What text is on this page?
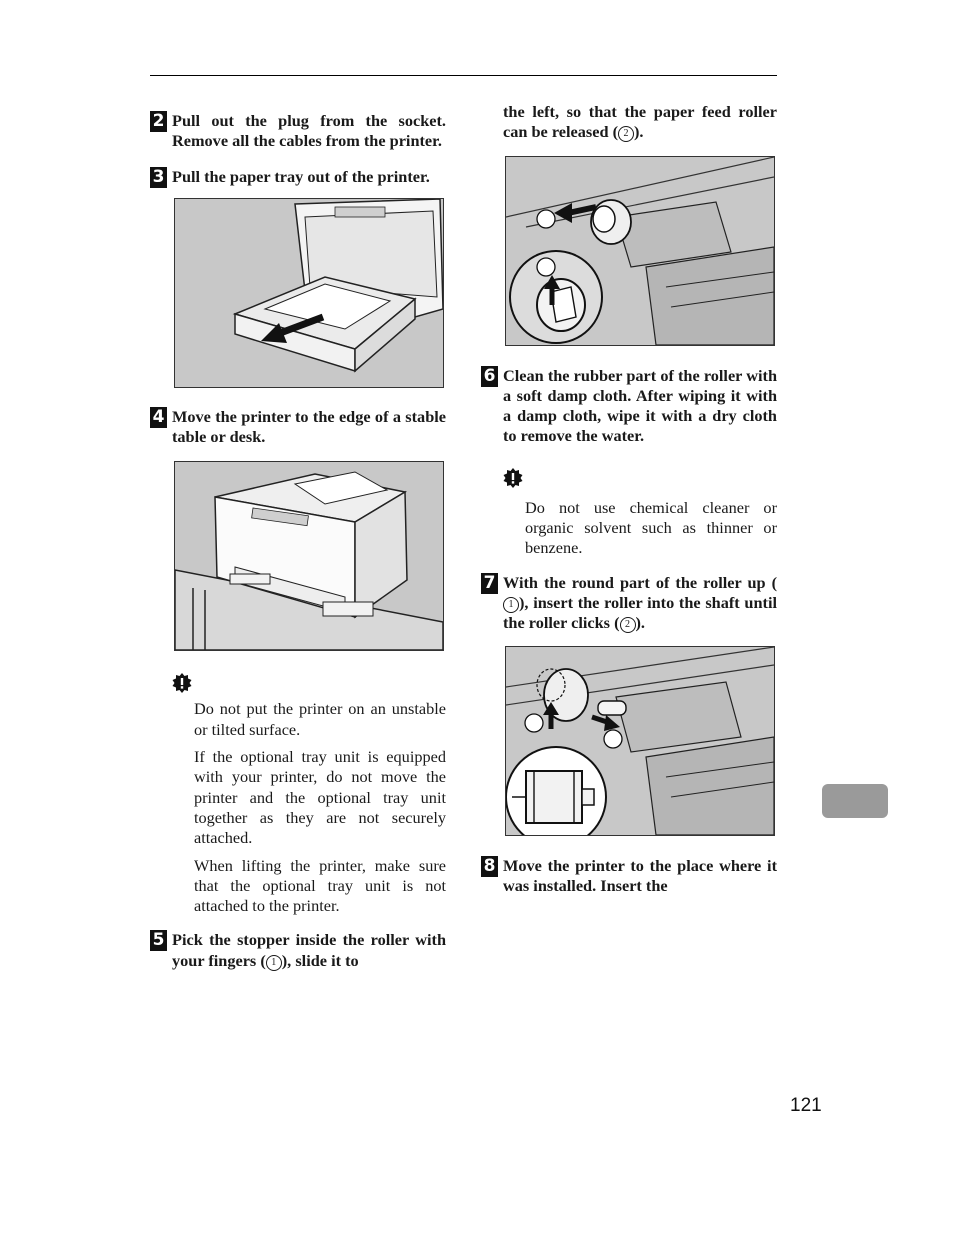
2 Pull out the plug from the socket. Remove all the cables from the printer.
3 Pull the paper tray out of the printer.
4 Move the printer to the edge of a stable table or desk.

Do not put the printer on an unstable or tilted surface.

If the optional tray unit is equipped with your printer, do not move the printer and the optional tray unit together as they are not securely attached.

When lifting the printer, make sure that the optional tray unit is not attached to the printer.

5 Pick the stopper inside the roller with your fingers ( 1 ), slide it to
the left, so that the paper feed roller can be released ( 2 ).
6 Clean the rubber part of the roller with a soft damp cloth. After wiping it with a damp cloth, wipe it with a dry cloth to remove the water.

Do not use chemical cleaner or organic solvent such as thinner or benzene.

7 With the round part of the roller up (1 ), insert the roller into the shaft until the roller clicks ( 2 ).
8 Move the printer to the place where it was installed. Insert the
121
